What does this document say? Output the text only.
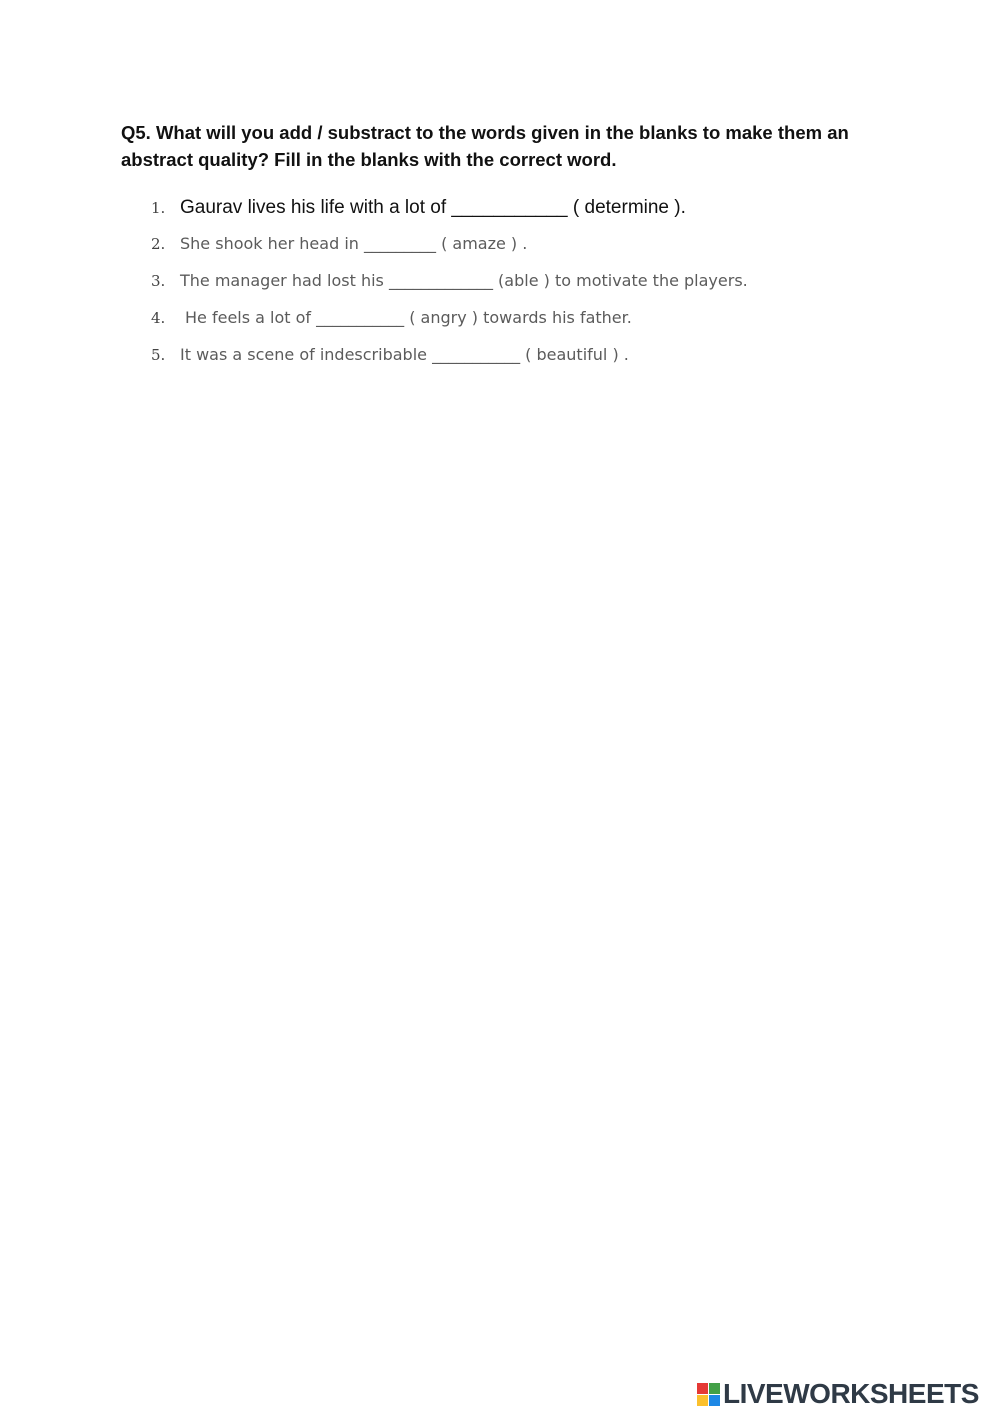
Q5. What will you add / substract to the words given in the blanks to make them an abstract quality? Fill in the blanks with the correct word.

1. Gaurav lives his life with a lot of ___________ ( determine ).
2. She shook her head in _________ ( amaze ) .
3. The manager had lost his _____________ (able ) to motivate the players.
4. He feels a lot of ___________ ( angry ) towards his father.
5. It was a scene of indescribable ___________ ( beautiful ) .
LIVEWORKSHEETS
